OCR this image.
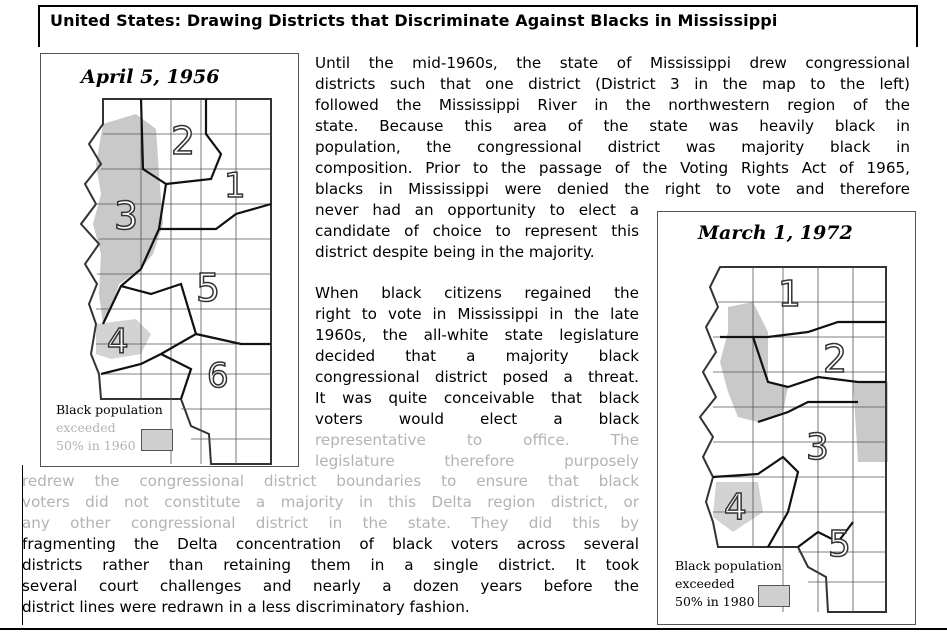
United States: Drawing Districts that Discriminate Against Blacks in Mississippi
April 5, 1956
2
1
3
5
4
6
Black population
exceeded
50% in 1960
March 1, 1972
1
2
3
4
5
Black population
exceeded
50% in 1980
Until the mid-1960s, the state of Mississippi drew congressional
districts such that one district (District 3 in the map to the left)
followed the Mississippi River in the northwestern region of the
state. Because this area of the state was heavily black in
population, the congressional district was majority black in
composition. Prior to the passage of the Voting Rights Act of 1965,
blacks in Mississippi were denied the right to vote and therefore
never had an opportunity to elect a
candidate of choice to represent this
district despite being in the majority.
When black citizens regained the
right to vote in Mississippi in the late
1960s, the all-white state legislature
decided that a majority black
congressional district posed a threat.
It was quite conceivable that black
voters would elect a black
representative to office. The
legislature therefore purposely
redrew the congressional district boundaries to ensure that black
voters did not constitute a majority in this Delta region district, or
any other congressional district in the state. They did this by
fragmenting the Delta concentration of black voters across several
districts rather than retaining them in a single district. It took
several court challenges and nearly a dozen years before the
district lines were redrawn in a less discriminatory fashion.
